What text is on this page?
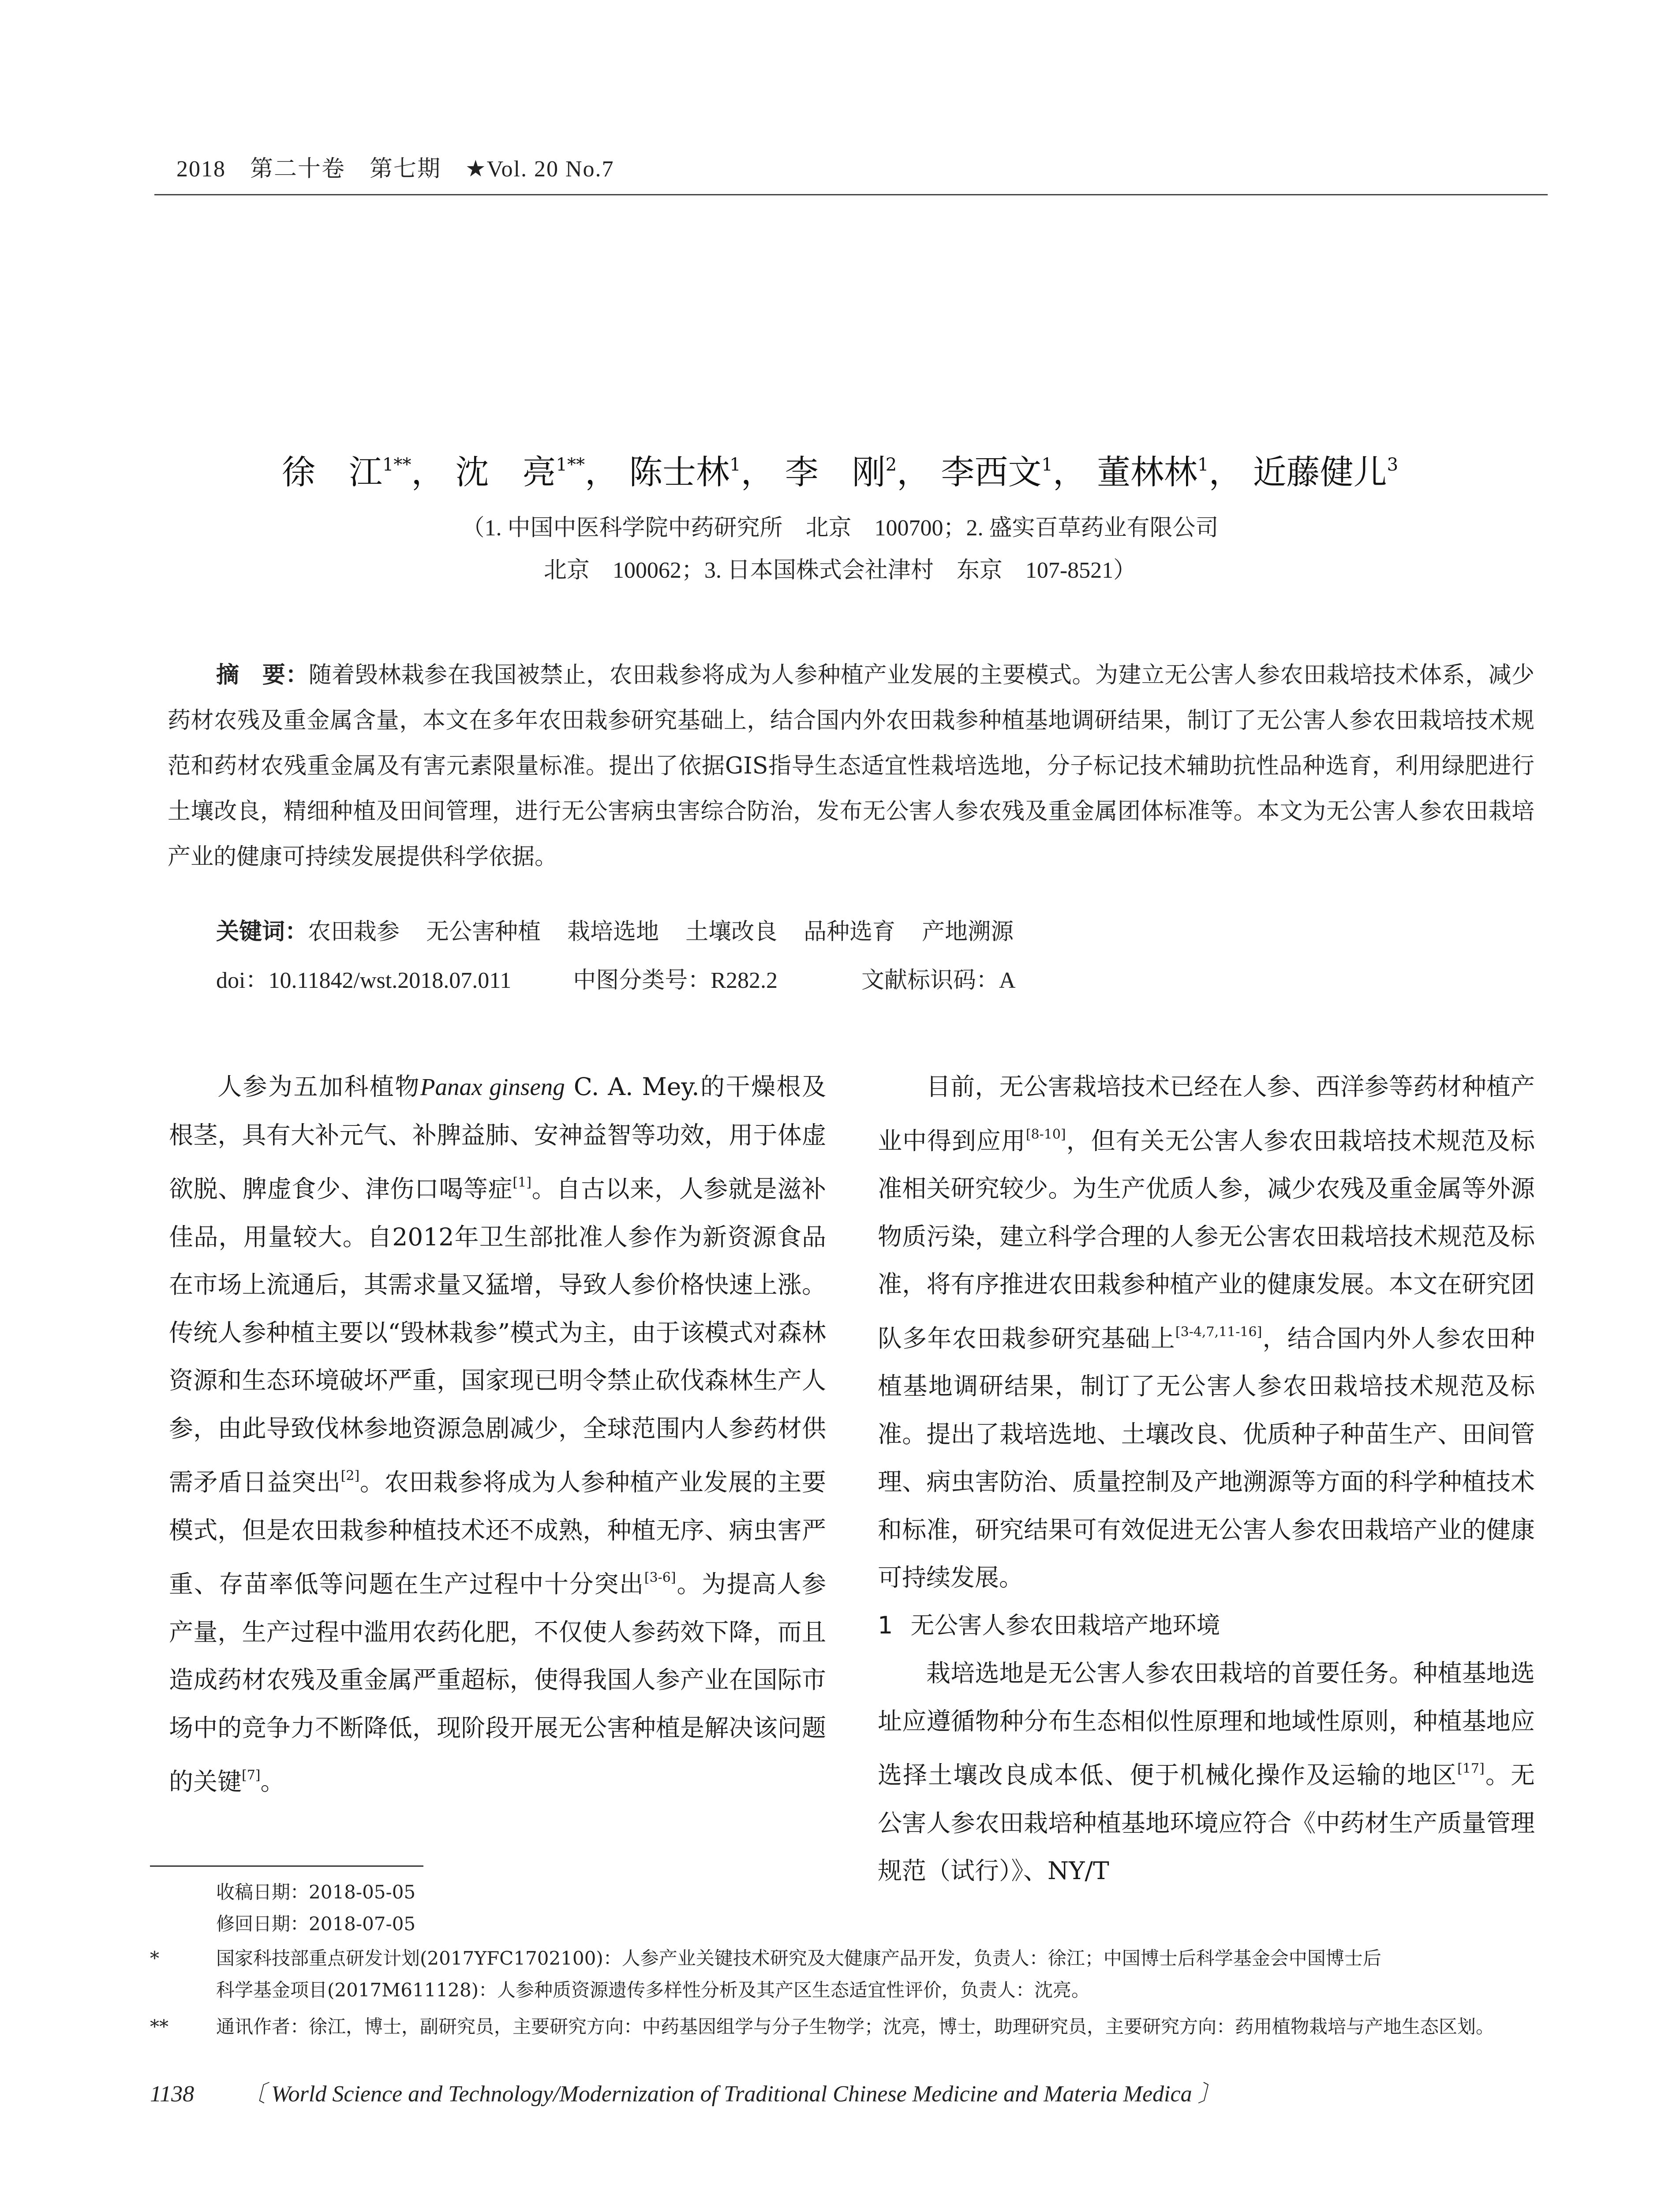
2018 第二十卷 第七期 ★Vol. 20 No.7
徐　江$^{1**}$， 沈　亮$^{1**}$， 陈士林$^1$， 李　刚$^2$， 李西文$^1$， 董林林$^1$， 近藤健儿$^3$
（1. 中国中医科学院中药研究所　北京　100700；2. 盛实百草药业有限公司
北京　100062；3. 日本国株式会社津村　东京　107-8521）
摘　要：随着毁林栽参在我国被禁止，农田栽参将成为人参种植产业发展的主要模式。为建立无公害人参农田栽培技术体系，减少药材农残及重金属含量，本文在多年农田栽参研究基础上，结合国内外农田栽参种植基地调研结果，制订了无公害人参农田栽培技术规范和药材农残重金属及有害元素限量标准。提出了依据GIS指导生态适宜性栽培选地，分子标记技术辅助抗性品种选育，利用绿肥进行土壤改良，精细种植及田间管理，进行无公害病虫害综合防治，发布无公害人参农残及重金属团体标准等。本文为无公害人参农田栽培产业的健康可持续发展提供科学依据。
关键词：农田栽参 无公害种植 栽培选地 土壤改良 品种选育 产地溯源
doi：10.11842/wst.2018.07.011	中图分类号：R282.2	文献标识码：A

人参为五加科植物Panax ginseng C. A. Mey.的干燥根及根茎，具有大补元气、补脾益肺、安神益智等功效，用于体虚欲脱、脾虚食少、津伤口喝等症[1]。自古以来，人参就是滋补佳品，用量较大。自2012年卫生部批准人参作为新资源食品在市场上流通后，其需求量又猛增，导致人参价格快速上涨。传统人参种植主要以“毁林栽参”模式为主，由于该模式对森林资源和生态环境破坏严重，国家现已明令禁止砍伐森林生产人参，由此导致伐林参地资源急剧减少，全球范围内人参药材供需矛盾日益突出[2]。农田栽参将成为人参种植产业发展的主要模式，但是农田栽参种植技术还不成熟，种植无序、病虫害严重、存苗率低等问题在生产过程中十分突出[3-6]。为提高人参产量，生产过程中滥用农药化肥，不仅使人参药效下降，而且造成药材农残及重金属严重超标，使得我国人参产业在国际市场中的竞争力不断降低，现阶段开展无公害种植是解决该问题的关键[7]。

目前，无公害栽培技术已经在人参、西洋参等药材种植产业中得到应用[8-10]，但有关无公害人参农田栽培技术规范及标准相关研究较少。为生产优质人参，减少农残及重金属等外源物质污染，建立科学合理的人参无公害农田栽培技术规范及标准，将有序推进农田栽参种植产业的健康发展。本文在研究团队多年农田栽参研究基础上[3-4,7,11-16]，结合国内外人参农田种植基地调研结果，制订了无公害人参农田栽培技术规范及标准。提出了栽培选地、土壤改良、优质种子种苗生产、田间管理、病虫害防治、质量控制及产地溯源等方面的科学种植技术和标准，研究结果可有效促进无公害人参农田栽培产业的健康可持续发展。

1 无公害人参农田栽培产地环境

栽培选地是无公害人参农田栽培的首要任务。种植基地选址应遵循物种分布生态相似性原理和地域性原则，种植基地应选择土壤改良成本低、便于机械化操作及运输的地区[17]。无公害人参农田栽培种植基地环境应符合《中药材生产质量管理规范（试行）》、NY/T

收稿日期：2018-05-05
修回日期：2018-07-05
*	国家科技部重点研发计划(2017YFC1702100)：人参产业关键技术研究及大健康产品开发，负责人：徐江；中国博士后科学基金会中国博士后
科学基金项目(2017M611128)：人参种质资源遗传多样性分析及其产区生态适宜性评价，负责人：沈亮。
**	通讯作者：徐江，博士，副研究员，主要研究方向：中药基因组学与分子生物学；沈亮，博士，助理研究员，主要研究方向：药用植物栽培与产地生态区划。
1138 〔 World Science and Technology/Modernization of Traditional Chinese Medicine and Materia Medica 〕
